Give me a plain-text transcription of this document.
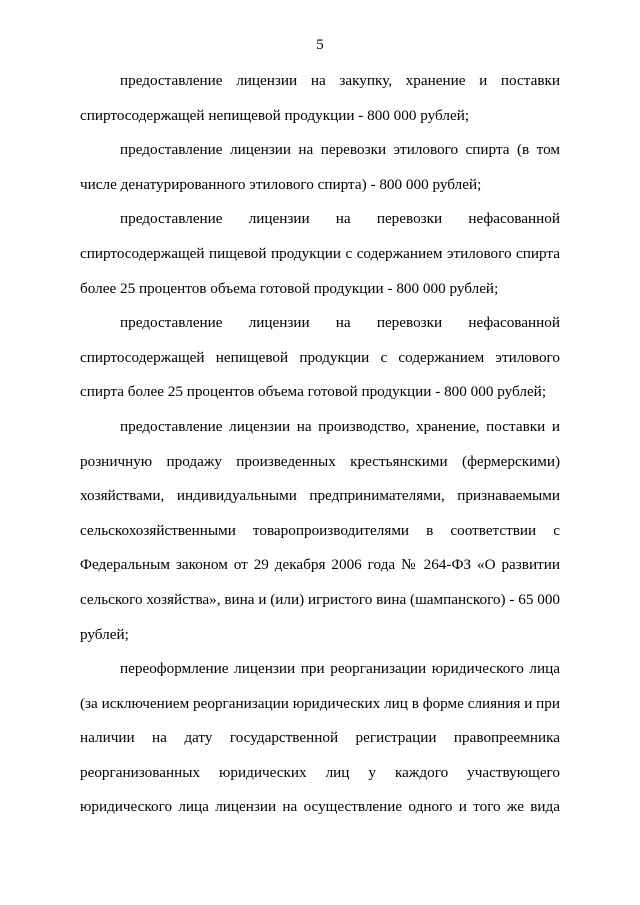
5

предоставление лицензии на закупку, хранение и поставки спиртосодержащей непищевой продукции - 800 000 рублей;

предоставление лицензии на перевозки этилового спирта (в том числе денатурированного этилового спирта) - 800 000 рублей;

предоставление лицензии на перевозки нефасованной спиртосодержащей пищевой продукции с содержанием этилового спирта более 25 процентов объема готовой продукции - 800 000 рублей;

предоставление лицензии на перевозки нефасованной спиртосодержащей непищевой продукции с содержанием этилового спирта более 25 процентов объема готовой продукции - 800 000 рублей;

предоставление лицензии на производство, хранение, поставки и розничную продажу произведенных крестьянскими (фермерскими) хозяйствами, индивидуальными предпринимателями, признаваемыми сельскохозяйственными товаропроизводителями в соответствии с Федеральным законом от 29 декабря 2006 года № 264-ФЗ «О развитии сельского хозяйства», вина и (или) игристого вина (шампанского) - 65 000 рублей;

переоформление лицензии при реорганизации юридического лица (за исключением реорганизации юридических лиц в форме слияния и при наличии на дату государственной регистрации правопреемника реорганизованных юридических лиц у каждого участвующего юридического лица лицензии на осуществление одного и того же вида
